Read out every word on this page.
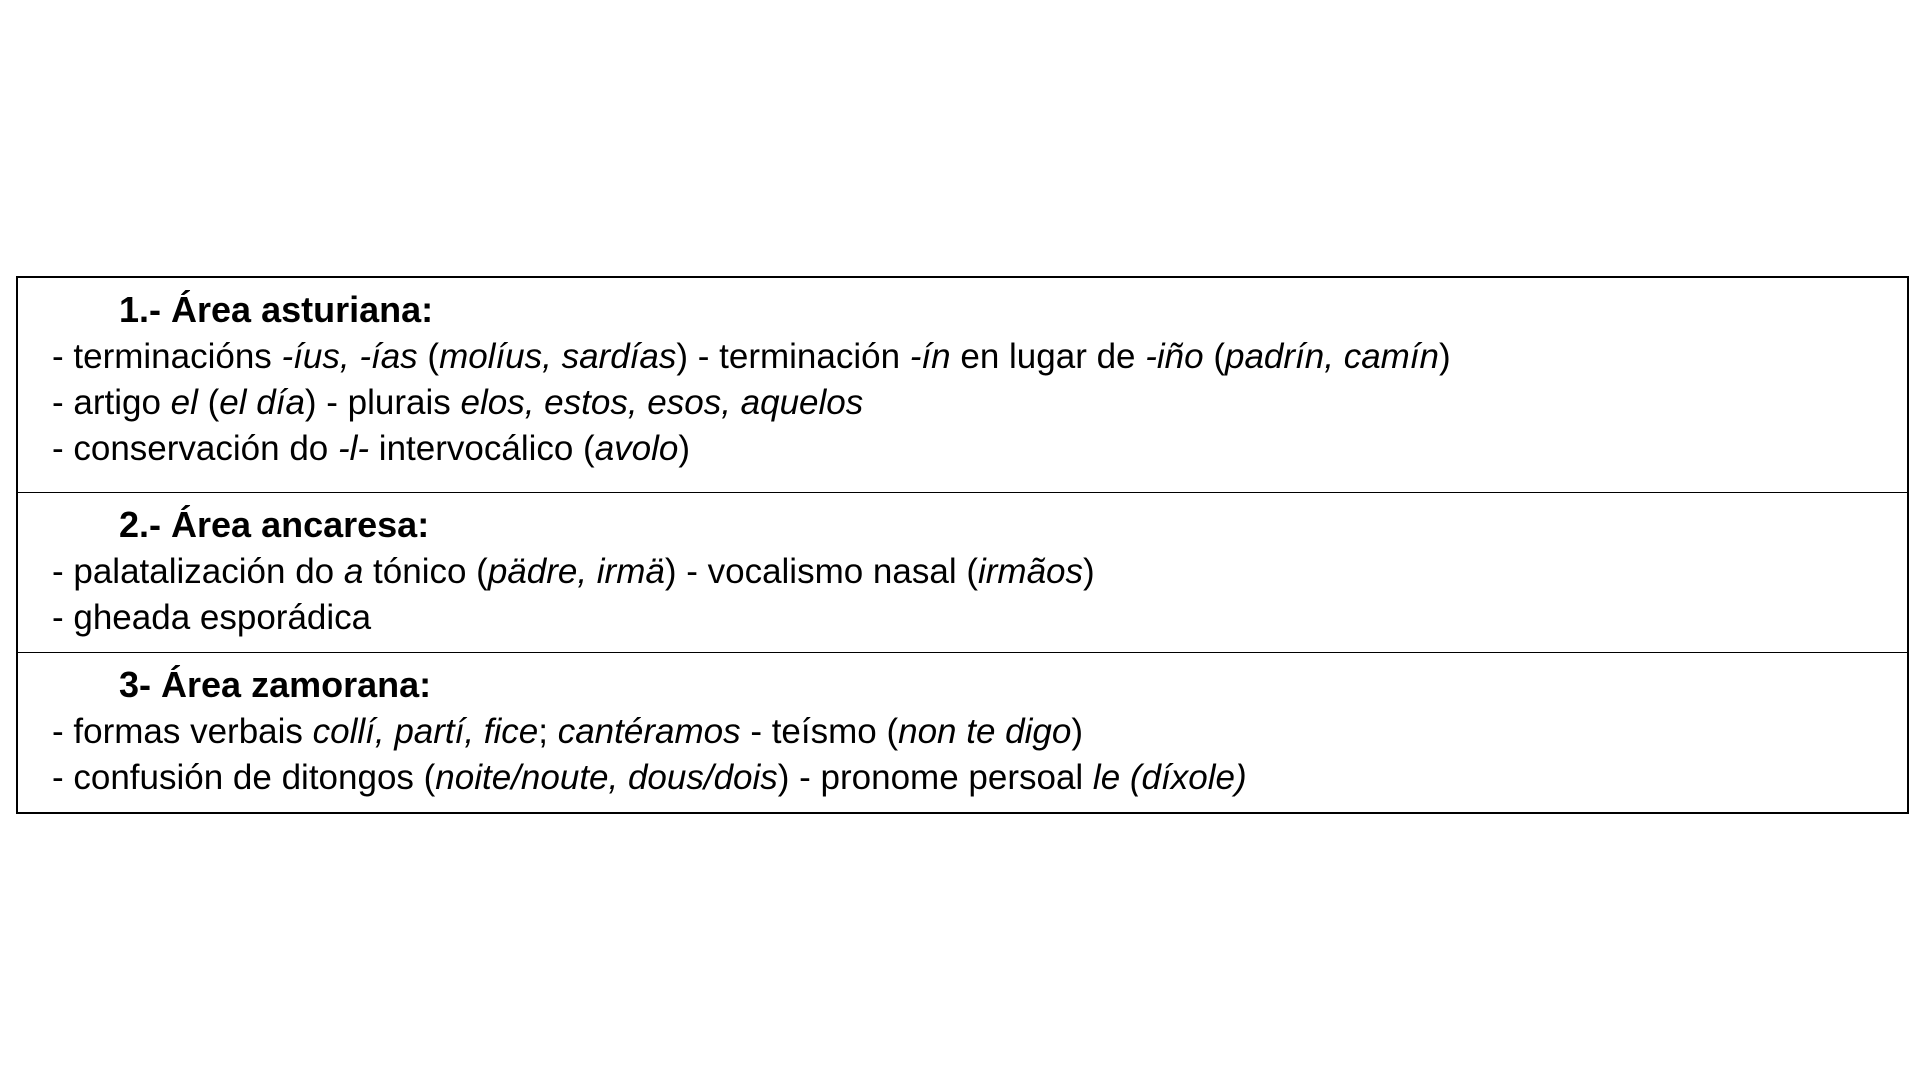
1.- Área asturiana:
- terminacións -íus, -ías (molíus, sardías) - terminación -ín en lugar de -iño (padrín, camín)
- artigo el (el día) - plurais elos, estos, esos, aquelos
- conservación do -l- intervocálico (avolo)
2.- Área ancaresa:
- palatalización do a tónico (pädre, irmä) - vocalismo nasal (irmãos)
- gheada esporádica
3- Área zamorana:
- formas verbais collí, partí, fice; cantéramos - teísmo (non te digo)
- confusión de ditongos (noite/noute, dous/dois) - pronome persoal le (díxole)
